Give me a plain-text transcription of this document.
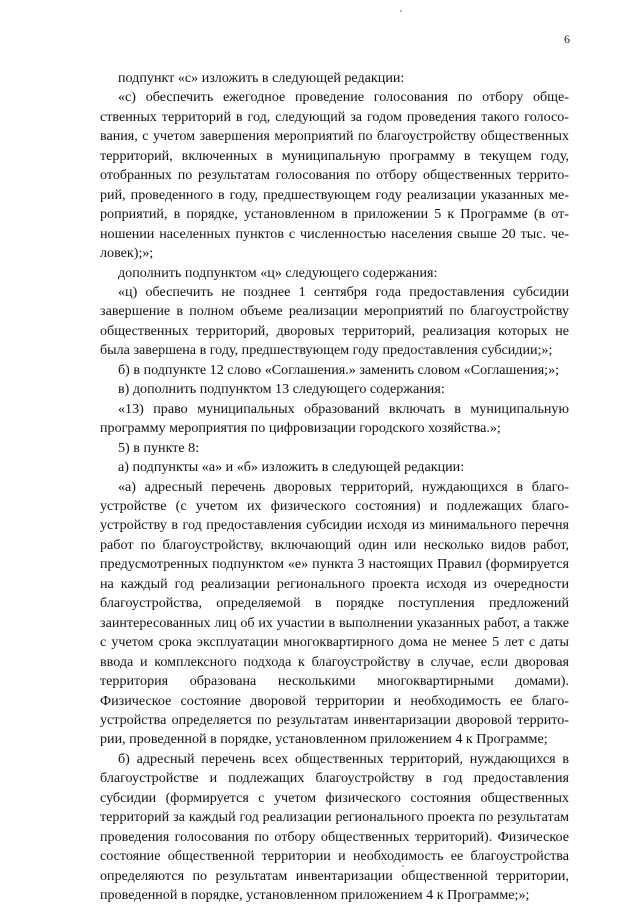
6

подпункт «с» изложить в следующей редакции:

«с) обеспечить ежегодное проведение голосования по отбору общественных территорий в год, следующий за годом проведения такого голосования, с учетом завершения мероприятий по благоустройству общественных территорий, включенных в муниципальную программу в текущем году, отобранных по результатам голосования по отбору общественных территорий, проведенного в году, предшествующем году реализации указанных мероприятий, в порядке, установленном в приложении 5 к Программе (в отношении населенных пунктов с численностью населения свыше 20 тыс. человек);»;

дополнить подпунктом «ц» следующего содержания:

«ц) обеспечить не позднее 1 сентября года предоставления субсидии завершение в полном объеме реализации мероприятий по благоустройству общественных территорий, дворовых территорий, реализация которых не была завершена в году, предшествующем году предоставления субсидии;»;

б) в подпункте 12 слово «Соглашения.» заменить словом «Соглашения;»;

в) дополнить подпунктом 13 следующего содержания:

«13) право муниципальных образований включать в муниципальную программу мероприятия по цифровизации городского хозяйства.»;

5) в пункте 8:

а) подпункты «а» и «б» изложить в следующей редакции:

«а) адресный перечень дворовых территорий, нуждающихся в благоустройстве (с учетом их физического состояния) и подлежащих благоустройству в год предоставления субсидии исходя из минимального перечня работ по благоустройству, включающий один или несколько видов работ, предусмотренных подпунктом «е» пункта 3 настоящих Правил (формируется на каждый год реализации регионального проекта исходя из очередности благоустройства, определяемой в порядке поступления предложений заинтересованных лиц об их участии в выполнении указанных работ, а также с учетом срока эксплуатации многоквартирного дома не менее 5 лет с даты ввода и комплексного подхода к благоустройству в случае, если дворовая территория образована несколькими многоквартирными домами). Физическое состояние дворовой территории и необходимость ее благоустройства определяется по результатам инвентаризации дворовой территории, проведенной в порядке, установленном приложением 4 к Программе;

б) адресный перечень всех общественных территорий, нуждающихся в благоустройстве и подлежащих благоустройству в год предоставления субсидии (формируется с учетом физического состояния общественных территорий за каждый год реализации регионального проекта по результатам проведения голосования по отбору общественных территорий). Физическое состояние общественной территории и необходимость ее благоустройства определяются по результатам инвентаризации общественной территории, проведенной в порядке, установленном приложением 4 к Программе;»;
